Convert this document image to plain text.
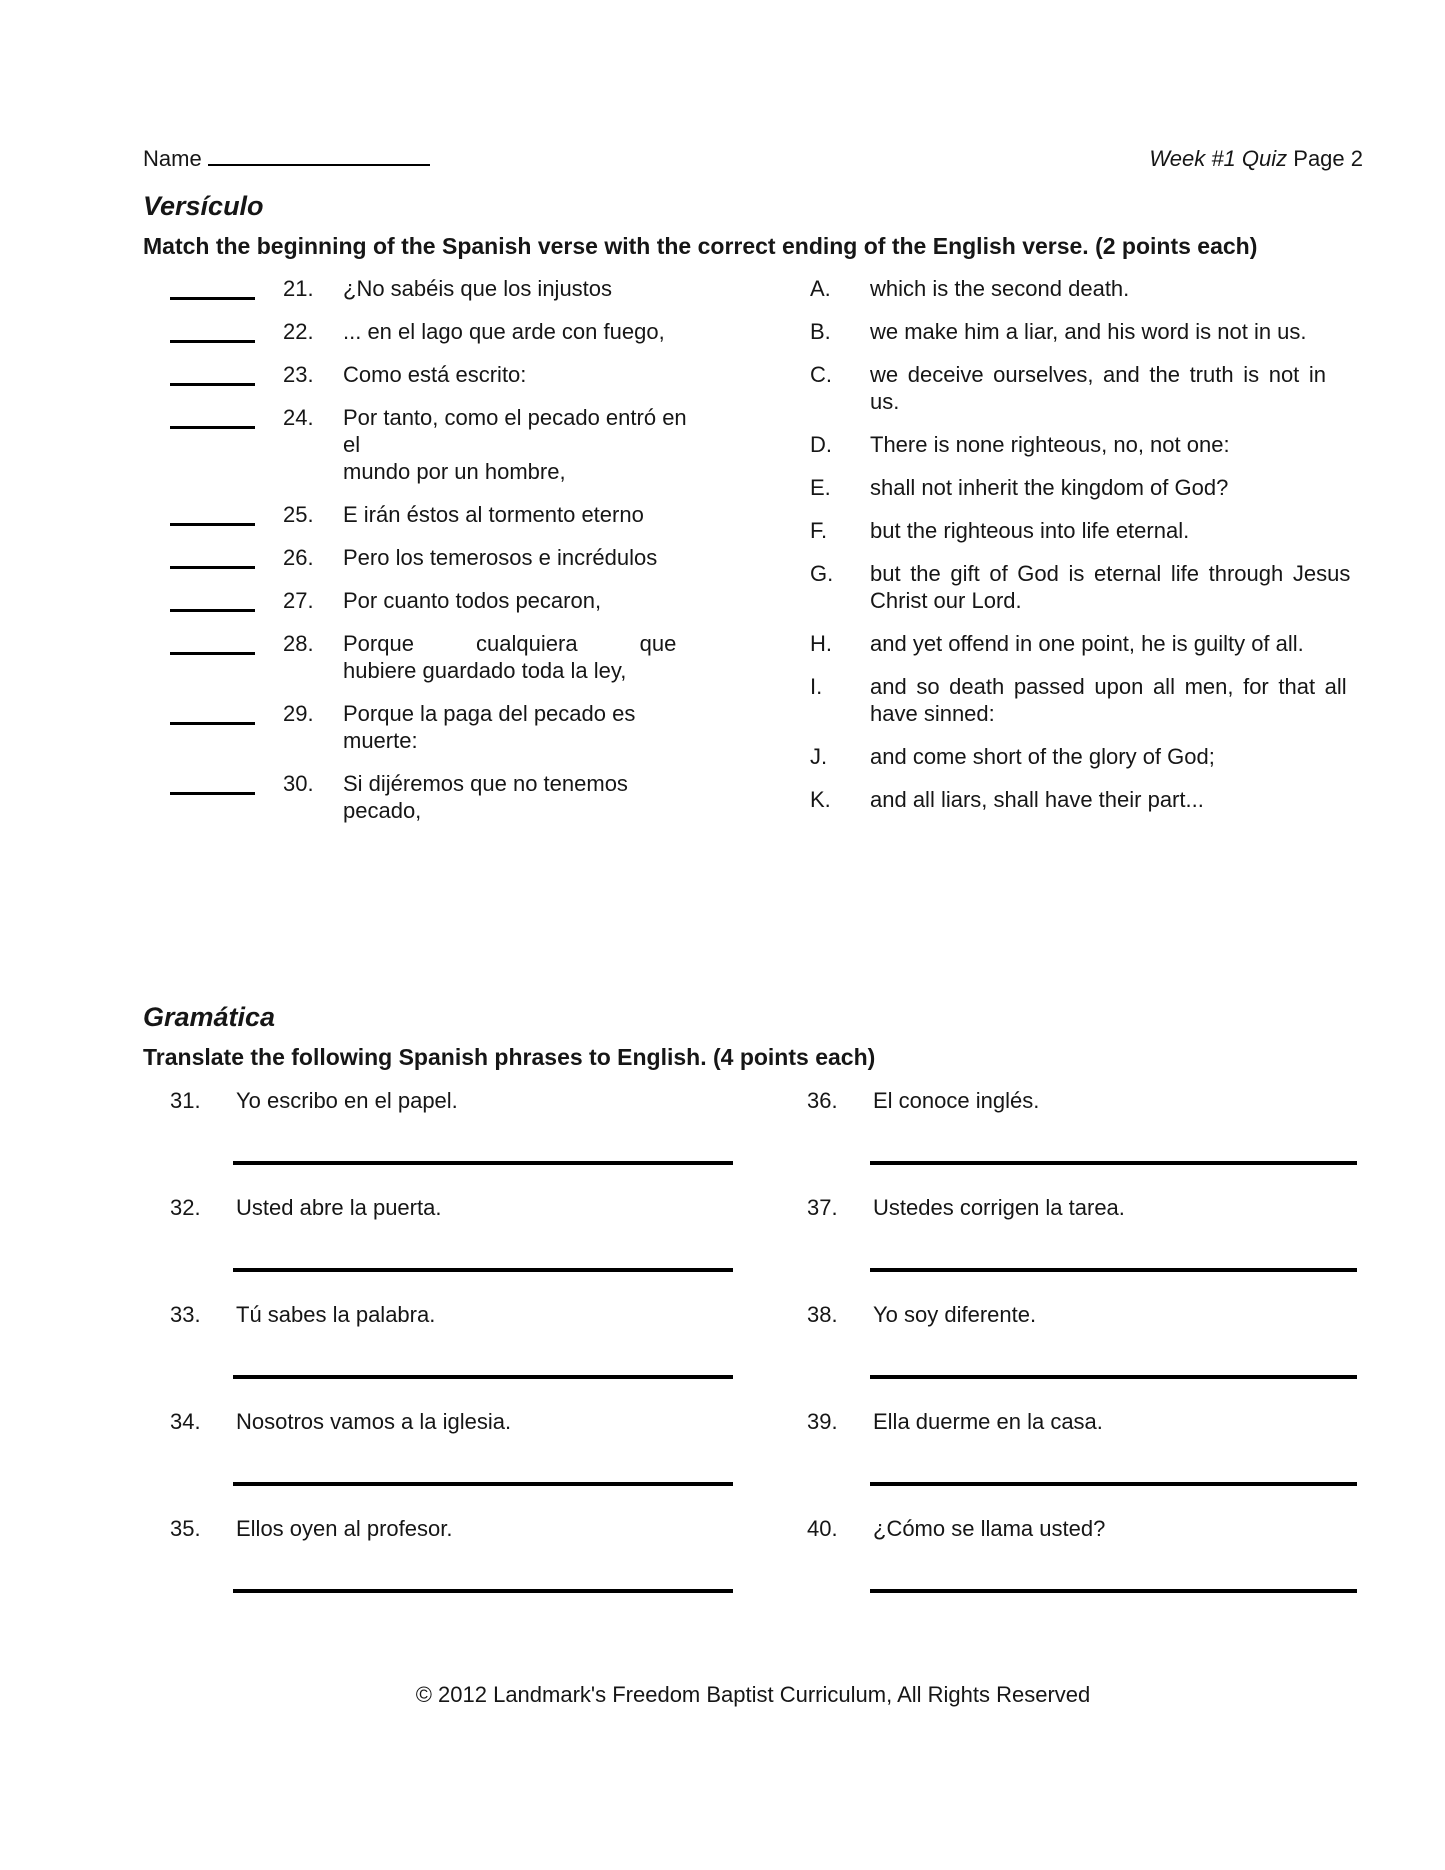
Name	Week #1 Quiz Page 2
Versículo
Match the beginning of the Spanish verse with the correct ending of the English verse. (2 points each)
21.	¿No sabéis que los injustos
22.	... en el lago que arde con fuego,
23.	Como está escrito:
24.	Por tanto, como el pecado entró en el
mundo por un hombre,
25.	E irán éstos al tormento eterno
26.	Pero los temerosos e incrédulos
27.	Por cuanto todos pecaron,
28.	Porque cualquiera que
hubiere guardado toda la ley,
29.	Porque la paga del pecado es muerte:
30.	Si dijéremos que no tenemos pecado,
A.	which is the second death.
B.	we make him a liar, and his word is not in us.
C.	we deceive ourselves, and the truth is not in
us.
D.	There is none righteous, no, not one:
E.	shall not inherit the kingdom of God?
F.	but the righteous into life eternal.
G.	but the gift of God is eternal life through Jesus
Christ our Lord.
H.	and yet offend in one point, he is guilty of all.
I.	and so death passed upon all men, for that all
have sinned:
J.	and come short of the glory of God;
K.	and all liars, shall have their part...
Gramática
Translate the following Spanish phrases to English. (4 points each)
31.	Yo escribo en el papel.
32.	Usted abre la puerta.
33.	Tú sabes la palabra.
34.	Nosotros vamos a la iglesia.
35.	Ellos oyen al profesor.
36.	El conoce inglés.
37.	Ustedes corrigen la tarea.
38.	Yo soy diferente.
39.	Ella duerme en la casa.
40.	¿Cómo se llama usted?
© 2012 Landmark's Freedom Baptist Curriculum, All Rights Reserved
